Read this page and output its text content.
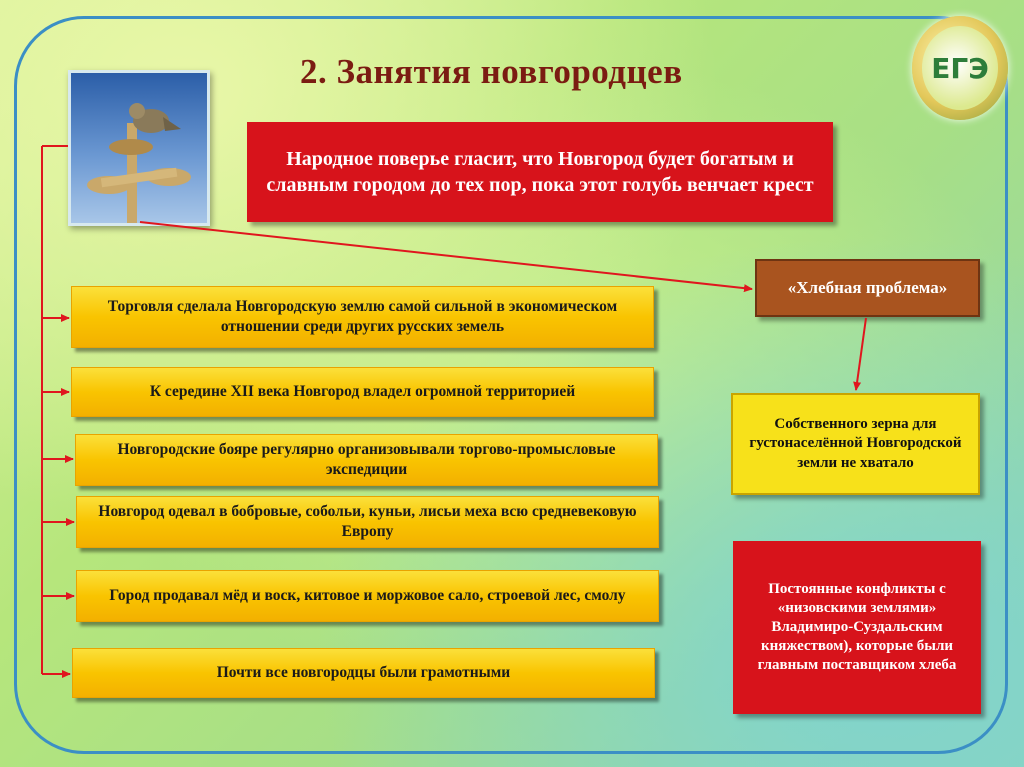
2. Занятия новгородцев	ЕГЭ
Народное поверье гласит, что Новгород будет богатым и славным городом до тех пор, пока этот голубь венчает крест
«Хлебная проблема»
Собственного зерна для густонаселённой Новгородской земли не хватало
Постоянные конфликты с «низовскими землями» Владимиро-Суздальским княжеством), которые были главным поставщиком хлеба
Торговля сделала Новгородскую землю самой сильной в экономическом отношении среди других русских земель
К середине XII века Новгород владел огромной территорией
Новгородские бояре регулярно организовывали торгово-промысловые экспедиции
Новгород одевал в бобровые, собольи, куньи, лисьи меха всю средневековую Европу
Город продавал мёд и воск, китовое и моржовое сало, строевой лес, смолу
Почти все новгородцы были грамотными
